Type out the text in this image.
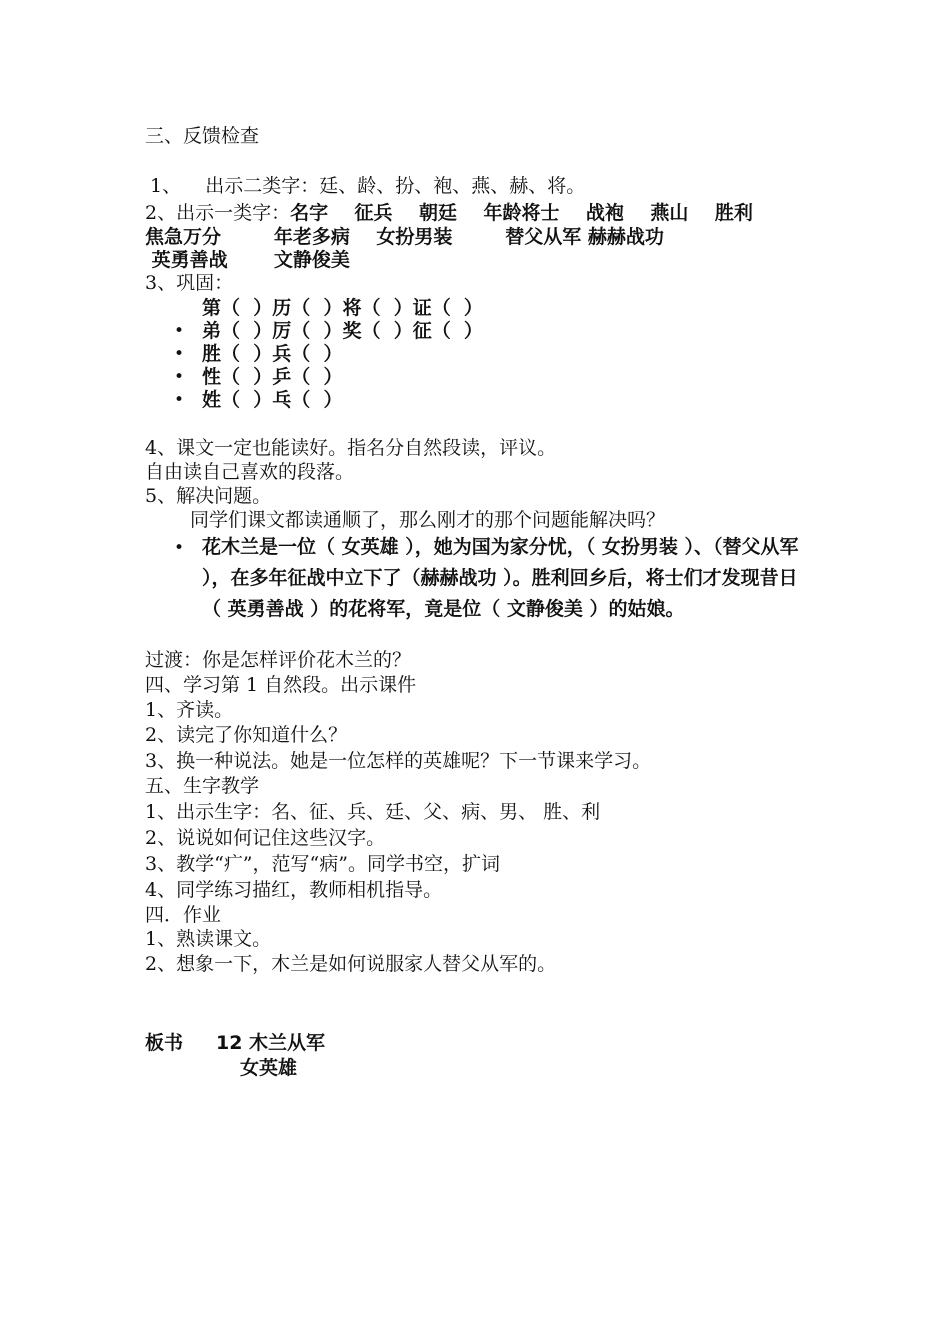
三、反馈检查
1、    出示二类字：廷、龄、扮、袍、燕、赫、将。
2、出示一类字：名字    征兵    朝廷    年龄将士    战袍    燕山    胜利
焦急万分        年老多病    女扮男装        替父从军 赫赫战功
英勇善战       文静俊美
3、巩固：
第（  ）历（  ）将（  ）证（  ）
• 弟（  ）厉（  ）奖（  ）征（  ）
• 胜（  ）兵（  ）
• 性（  ）乒（  ）
• 姓（  ）乓（  ）
4、课文一定也能读好。指名分自然段读，评议。
自由读自己喜欢的段落。
5、解决问题。
同学们课文都读通顺了，那么刚才的那个问题能解决吗？
• 花木兰是一位（ 女英雄 ），她为国为家分忧，（ 女扮男装 ）、（替父从军 ），在多年征战中立下了（赫赫战功 ）。胜利回乡后，将士们才发现昔日（ 英勇善战 ）的花将军，竟是位（ 文静俊美 ）的姑娘。
过渡：你是怎样评价花木兰的？
四、学习第 1 自然段。出示课件
1、齐读。
2、读完了你知道什么？
3、换一种说法。她是一位怎样的英雄呢？下一节课来学习。
五、生字教学
1、出示生字：名、征、兵、廷、父、病、男、 胜、利
2、说说如何记住这些汉字。
3、教学“疒”，范写“病”。同学书空，扩词
4、同学练习描红，教师相机指导。
四．作业
1、熟读课文。
2、想象一下，木兰是如何说服家人替父从军的。
板书 12 木兰从军
女英雄
